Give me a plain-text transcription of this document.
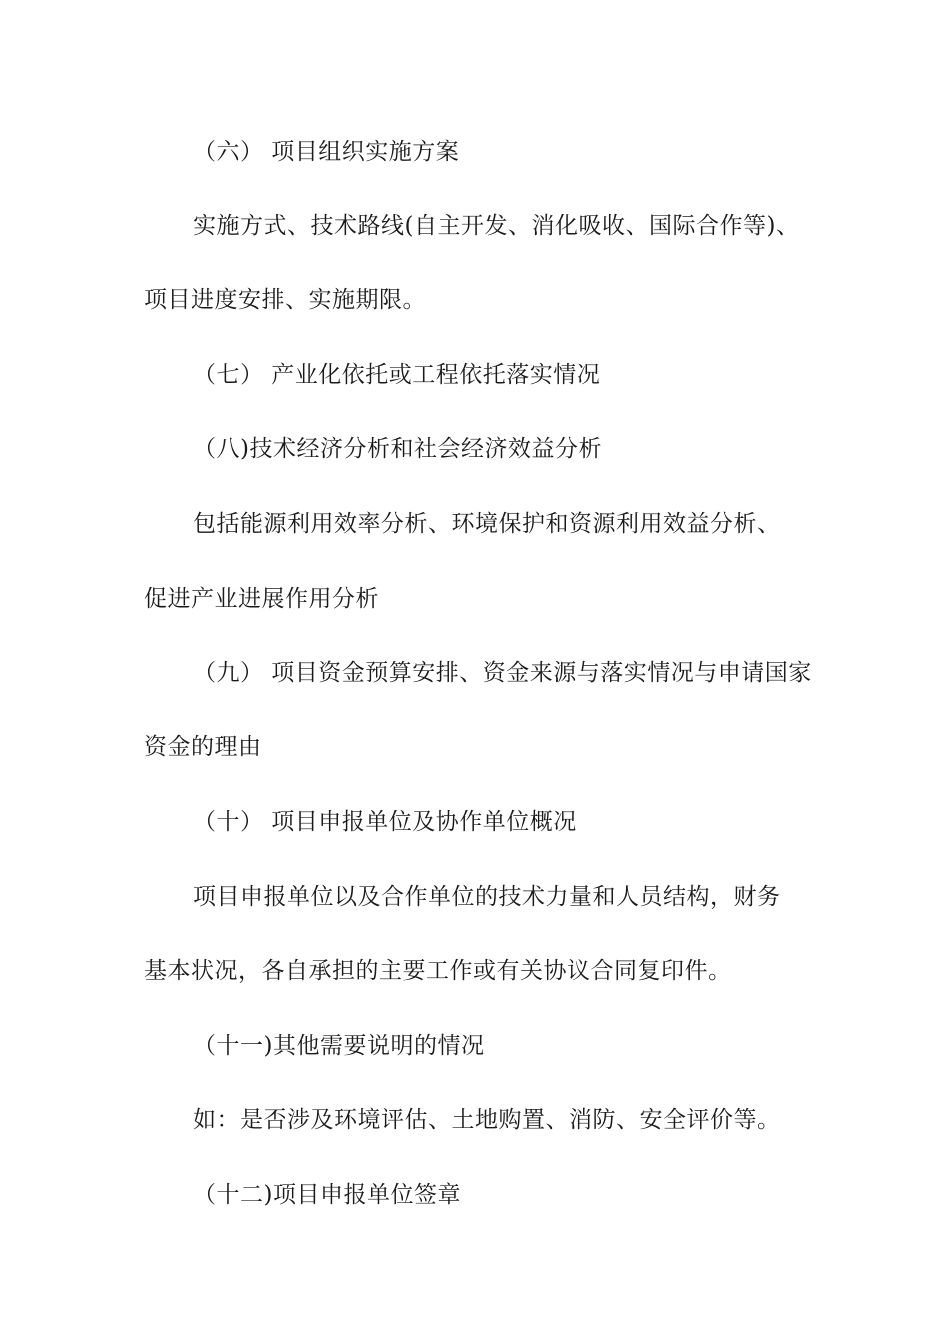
（六） 项目组织实施方案

实施方式、技术路线(自主开发、消化吸收、国际合作等)、

项目进度安排、实施期限。

（七） 产业化依托或工程依托落实情况

（八)技术经济分析和社会经济效益分析

包括能源利用效率分析、环境保护和资源利用效益分析、

促进产业进展作用分析

（九） 项目资金预算安排、资金来源与落实情况与申请国家

资金的理由

（十） 项目申报单位及协作单位概况

项目申报单位以及合作单位的技术力量和人员结构，财务

基本状况，各自承担的主要工作或有关协议合同复印件。

（十一)其他需要说明的情况

如：是否涉及环境评估、土地购置、消防、安全评价等。

（十二)项目申报单位签章
